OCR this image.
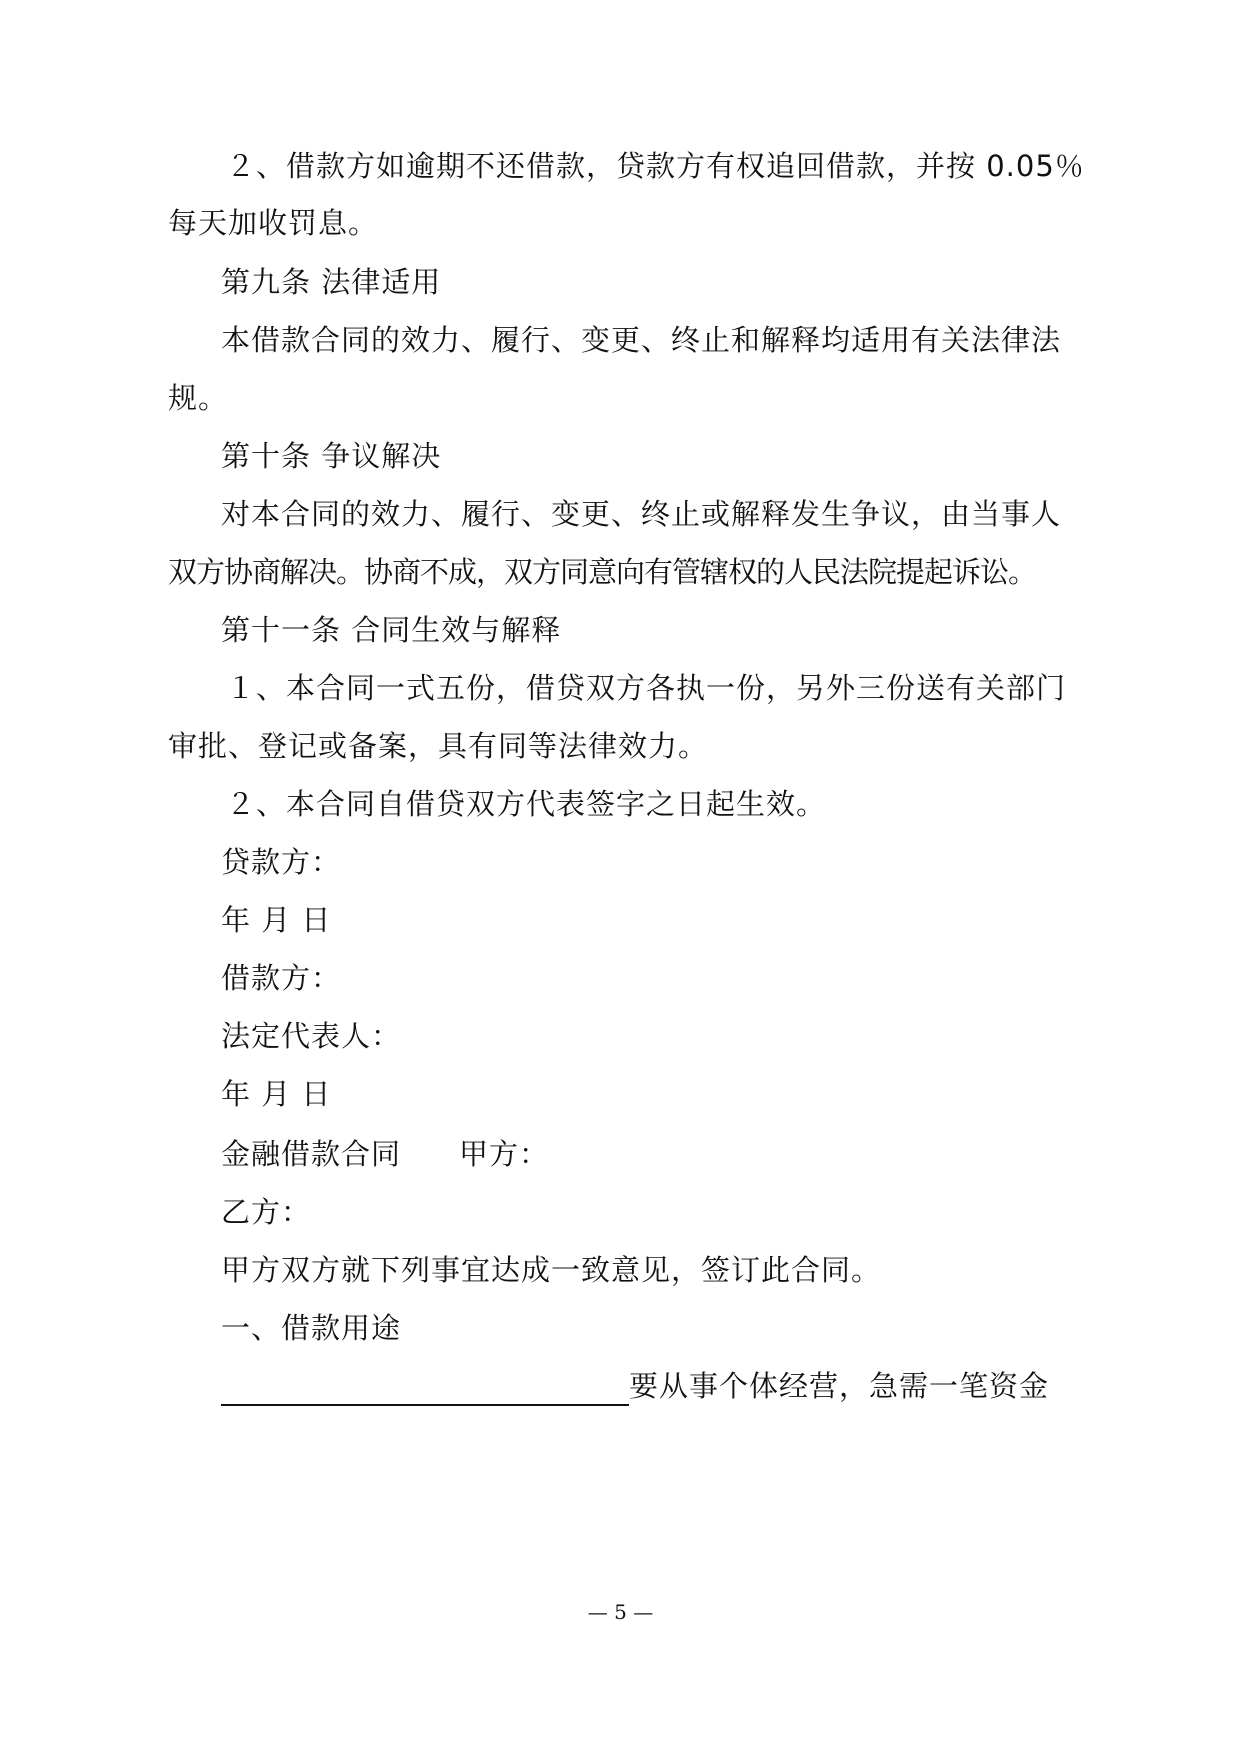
２、借款方如逾期不还借款，贷款方有权追回借款，并按 0.05％
每天加收罚息。
第九条 法律适用
本借款合同的效力、履行、变更、终止和解释均适用有关法律法
规。
第十条 争议解决
对本合同的效力、履行、变更、终止或解释发生争议，由当事人
双方协商解决。协商不成，双方同意向有管辖权的人民法院提起诉讼。
第十一条 合同生效与解释
１、本合同一式五份，借贷双方各执一份，另外三份送有关部门
审批、登记或备案，具有同等法律效力。
２、本合同自借贷双方代表签字之日起生效。
贷款方：
年 月 日
借款方：
法定代表人：
年 月 日
金融借款合同 甲方：
乙方：
甲方双方就下列事宜达成一致意见，签订此合同。
一、借款用途
要从事个体经营，急需一笔资金
— 5 —
